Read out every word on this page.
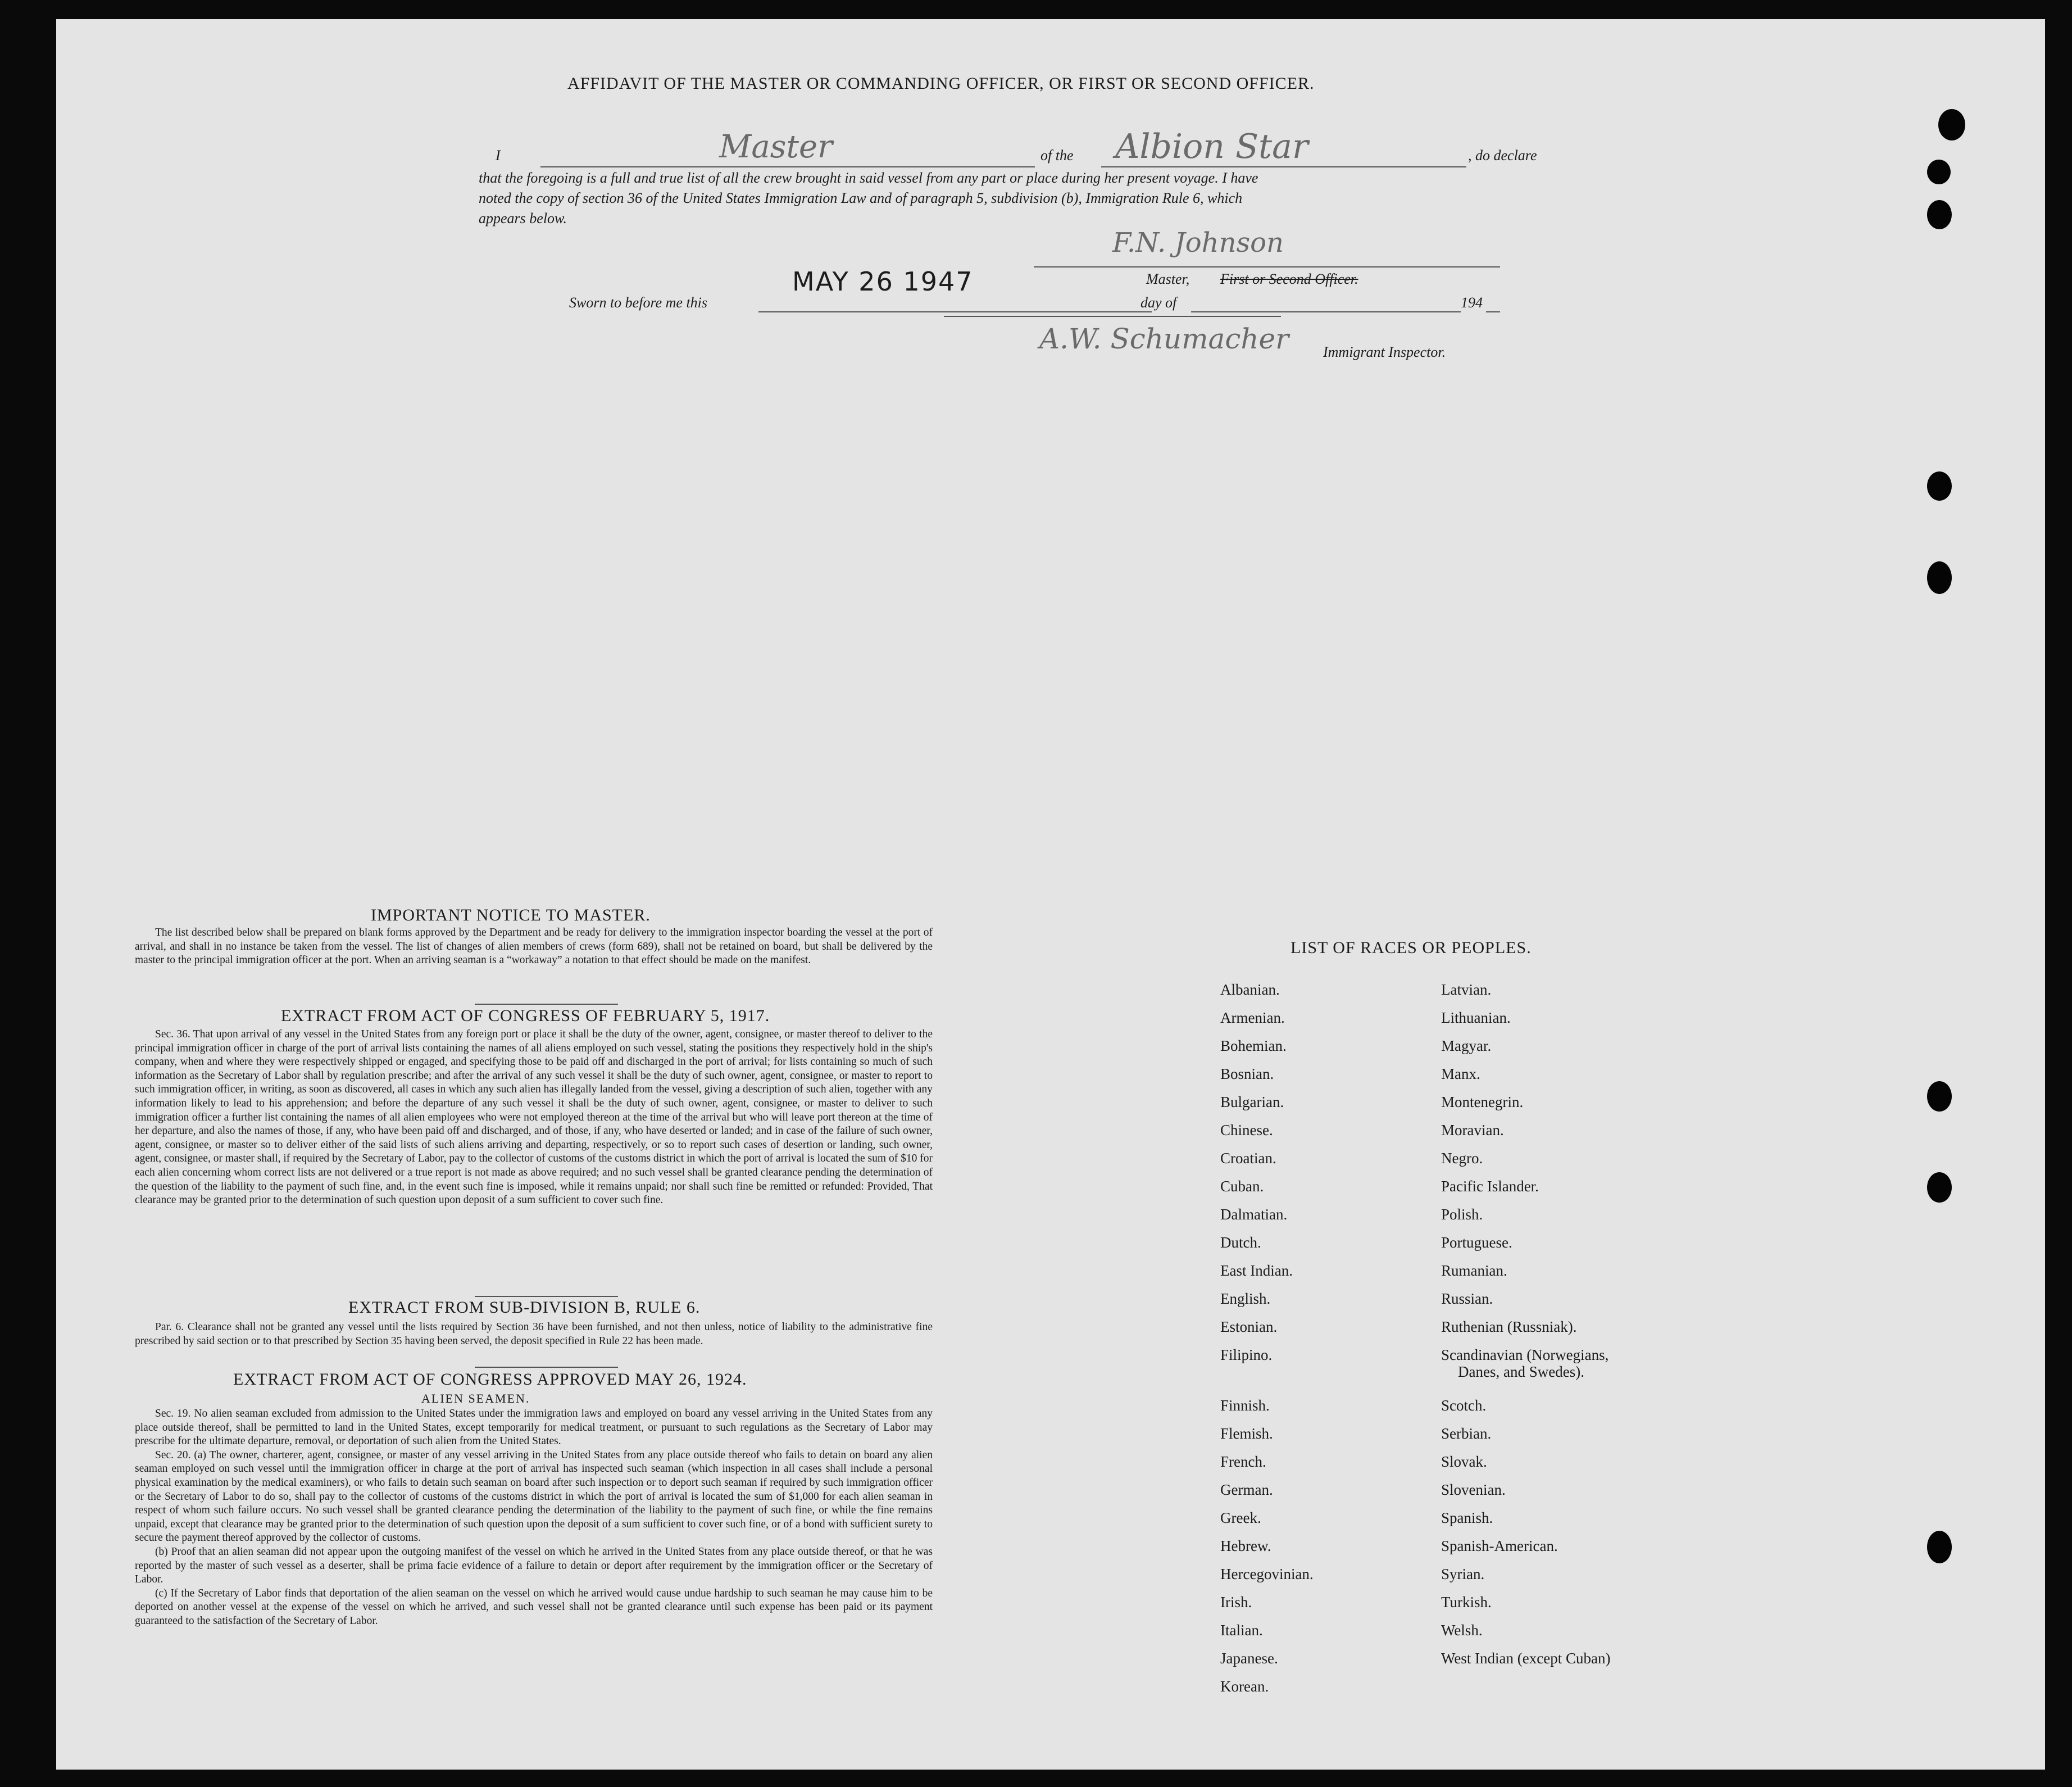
AFFIDAVIT OF THE MASTER OR COMMANDING OFFICER, OR FIRST OR SECOND OFFICER.
I	Master	of the Albion Star	, do declare
that the foregoing is a full and true list of all the crew brought in said vessel from any part or place during her present voyage. I have
noted the copy of section 36 of the United States Immigration Law and of paragraph 5, subdivision (b), Immigration Rule 6, which
appears below.
F.N. Johnson
Master, First or Second Officer.
MAY 26 1947
Sworn to before me this	day of	194
A.W. Schumacher Immigrant Inspector.
IMPORTANT NOTICE TO MASTER.

The list described below shall be prepared on blank forms approved by the Department and be ready for delivery to the immigration inspector boarding the vessel at the port of arrival, and shall in no instance be taken from the vessel. The list of changes of alien members of crews (form 689), shall not be retained on board, but shall be delivered by the master to the principal immigration officer at the port. When an arriving seaman is a “workaway” a notation to that effect should be made on the manifest.

EXTRACT FROM ACT OF CONGRESS OF FEBRUARY 5, 1917.

Sec. 36. That upon arrival of any vessel in the United States from any foreign port or place it shall be the duty of the owner, agent, consignee, or master thereof to deliver to the principal immigration officer in charge of the port of arrival lists containing the names of all aliens employed on such vessel, stating the positions they respectively hold in the ship's company, when and where they were respectively shipped or engaged, and specifying those to be paid off and discharged in the port of arrival; for lists containing so much of such information as the Secretary of Labor shall by regulation prescribe; and after the arrival of any such vessel it shall be the duty of such owner, agent, consignee, or master to report to such immigration officer, in writing, as soon as discovered, all cases in which any such alien has illegally landed from the vessel, giving a description of such alien, together with any information likely to lead to his apprehension; and before the departure of any such vessel it shall be the duty of such owner, agent, consignee, or master to deliver to such immigration officer a further list containing the names of all alien employees who were not employed thereon at the time of the arrival but who will leave port thereon at the time of her departure, and also the names of those, if any, who have been paid off and discharged, and of those, if any, who have deserted or landed; and in case of the failure of such owner, agent, consignee, or master so to deliver either of the said lists of such aliens arriving and departing, respectively, or so to report such cases of desertion or landing, such owner, agent, consignee, or master shall, if required by the Secretary of Labor, pay to the collector of customs of the customs district in which the port of arrival is located the sum of $10 for each alien concerning whom correct lists are not delivered or a true report is not made as above required; and no such vessel shall be granted clearance pending the determination of the question of the liability to the payment of such fine, and, in the event such fine is imposed, while it remains unpaid; nor shall such fine be remitted or refunded: Provided, That clearance may be granted prior to the determination of such question upon deposit of a sum sufficient to cover such fine.

EXTRACT FROM SUB-DIVISION B, RULE 6.

Par. 6. Clearance shall not be granted any vessel until the lists required by Section 36 have been furnished, and not then unless, notice of liability to the administrative fine prescribed by said section or to that prescribed by Section 35 having been served, the deposit specified in Rule 22 has been made.

EXTRACT FROM ACT OF CONGRESS APPROVED MAY 26, 1924.
ALIEN SEAMEN.

Sec. 19. No alien seaman excluded from admission to the United States under the immigration laws and employed on board any vessel arriving in the United States from any place outside thereof, shall be permitted to land in the United States, except temporarily for medical treatment, or pursuant to such regulations as the Secretary of Labor may prescribe for the ultimate departure, removal, or deportation of such alien from the United States.

Sec. 20. (a) The owner, charterer, agent, consignee, or master of any vessel arriving in the United States from any place outside thereof who fails to detain on board any alien seaman employed on such vessel until the immigration officer in charge at the port of arrival has inspected such seaman (which inspection in all cases shall include a personal physical examination by the medical examiners), or who fails to detain such seaman on board after such inspection or to deport such seaman if required by such immigration officer or the Secretary of Labor to do so, shall pay to the collector of customs of the customs district in which the port of arrival is located the sum of $1,000 for each alien seaman in respect of whom such failure occurs. No such vessel shall be granted clearance pending the determination of the liability to the payment of such fine, or while the fine remains unpaid, except that clearance may be granted prior to the determination of such question upon the deposit of a sum sufficient to cover such fine, or of a bond with sufficient surety to secure the payment thereof approved by the collector of customs.

(b) Proof that an alien seaman did not appear upon the outgoing manifest of the vessel on which he arrived in the United States from any place outside thereof, or that he was reported by the master of such vessel as a deserter, shall be prima facie evidence of a failure to detain or deport after requirement by the immigration officer or the Secretary of Labor.

(c) If the Secretary of Labor finds that deportation of the alien seaman on the vessel on which he arrived would cause undue hardship to such seaman he may cause him to be deported on another vessel at the expense of the vessel on which he arrived, and such vessel shall not be granted clearance until such expense has been paid or its payment guaranteed to the satisfaction of the Secretary of Labor.

LIST OF RACES OR PEOPLES.
Albanian.
Armenian.
Bohemian.
Bosnian.
Bulgarian.
Chinese.
Croatian.
Cuban.
Dalmatian.
Dutch.
East Indian.
English.
Estonian.
Filipino.
Finnish.
Flemish.
French.
German.
Greek.
Hebrew.
Hercegovinian.
Irish.
Italian.
Japanese.
Korean.
Latvian.
Lithuanian.
Magyar.
Manx.
Montenegrin.
Moravian.
Negro.
Pacific Islander.
Polish.
Portuguese.
Rumanian.
Russian.
Ruthenian (Russniak).
Scandinavian (Norwegians,
Danes, and Swedes).
Scotch.
Serbian.
Slovak.
Slovenian.
Spanish.
Spanish-American.
Syrian.
Turkish.
Welsh.
West Indian (except Cuban)
